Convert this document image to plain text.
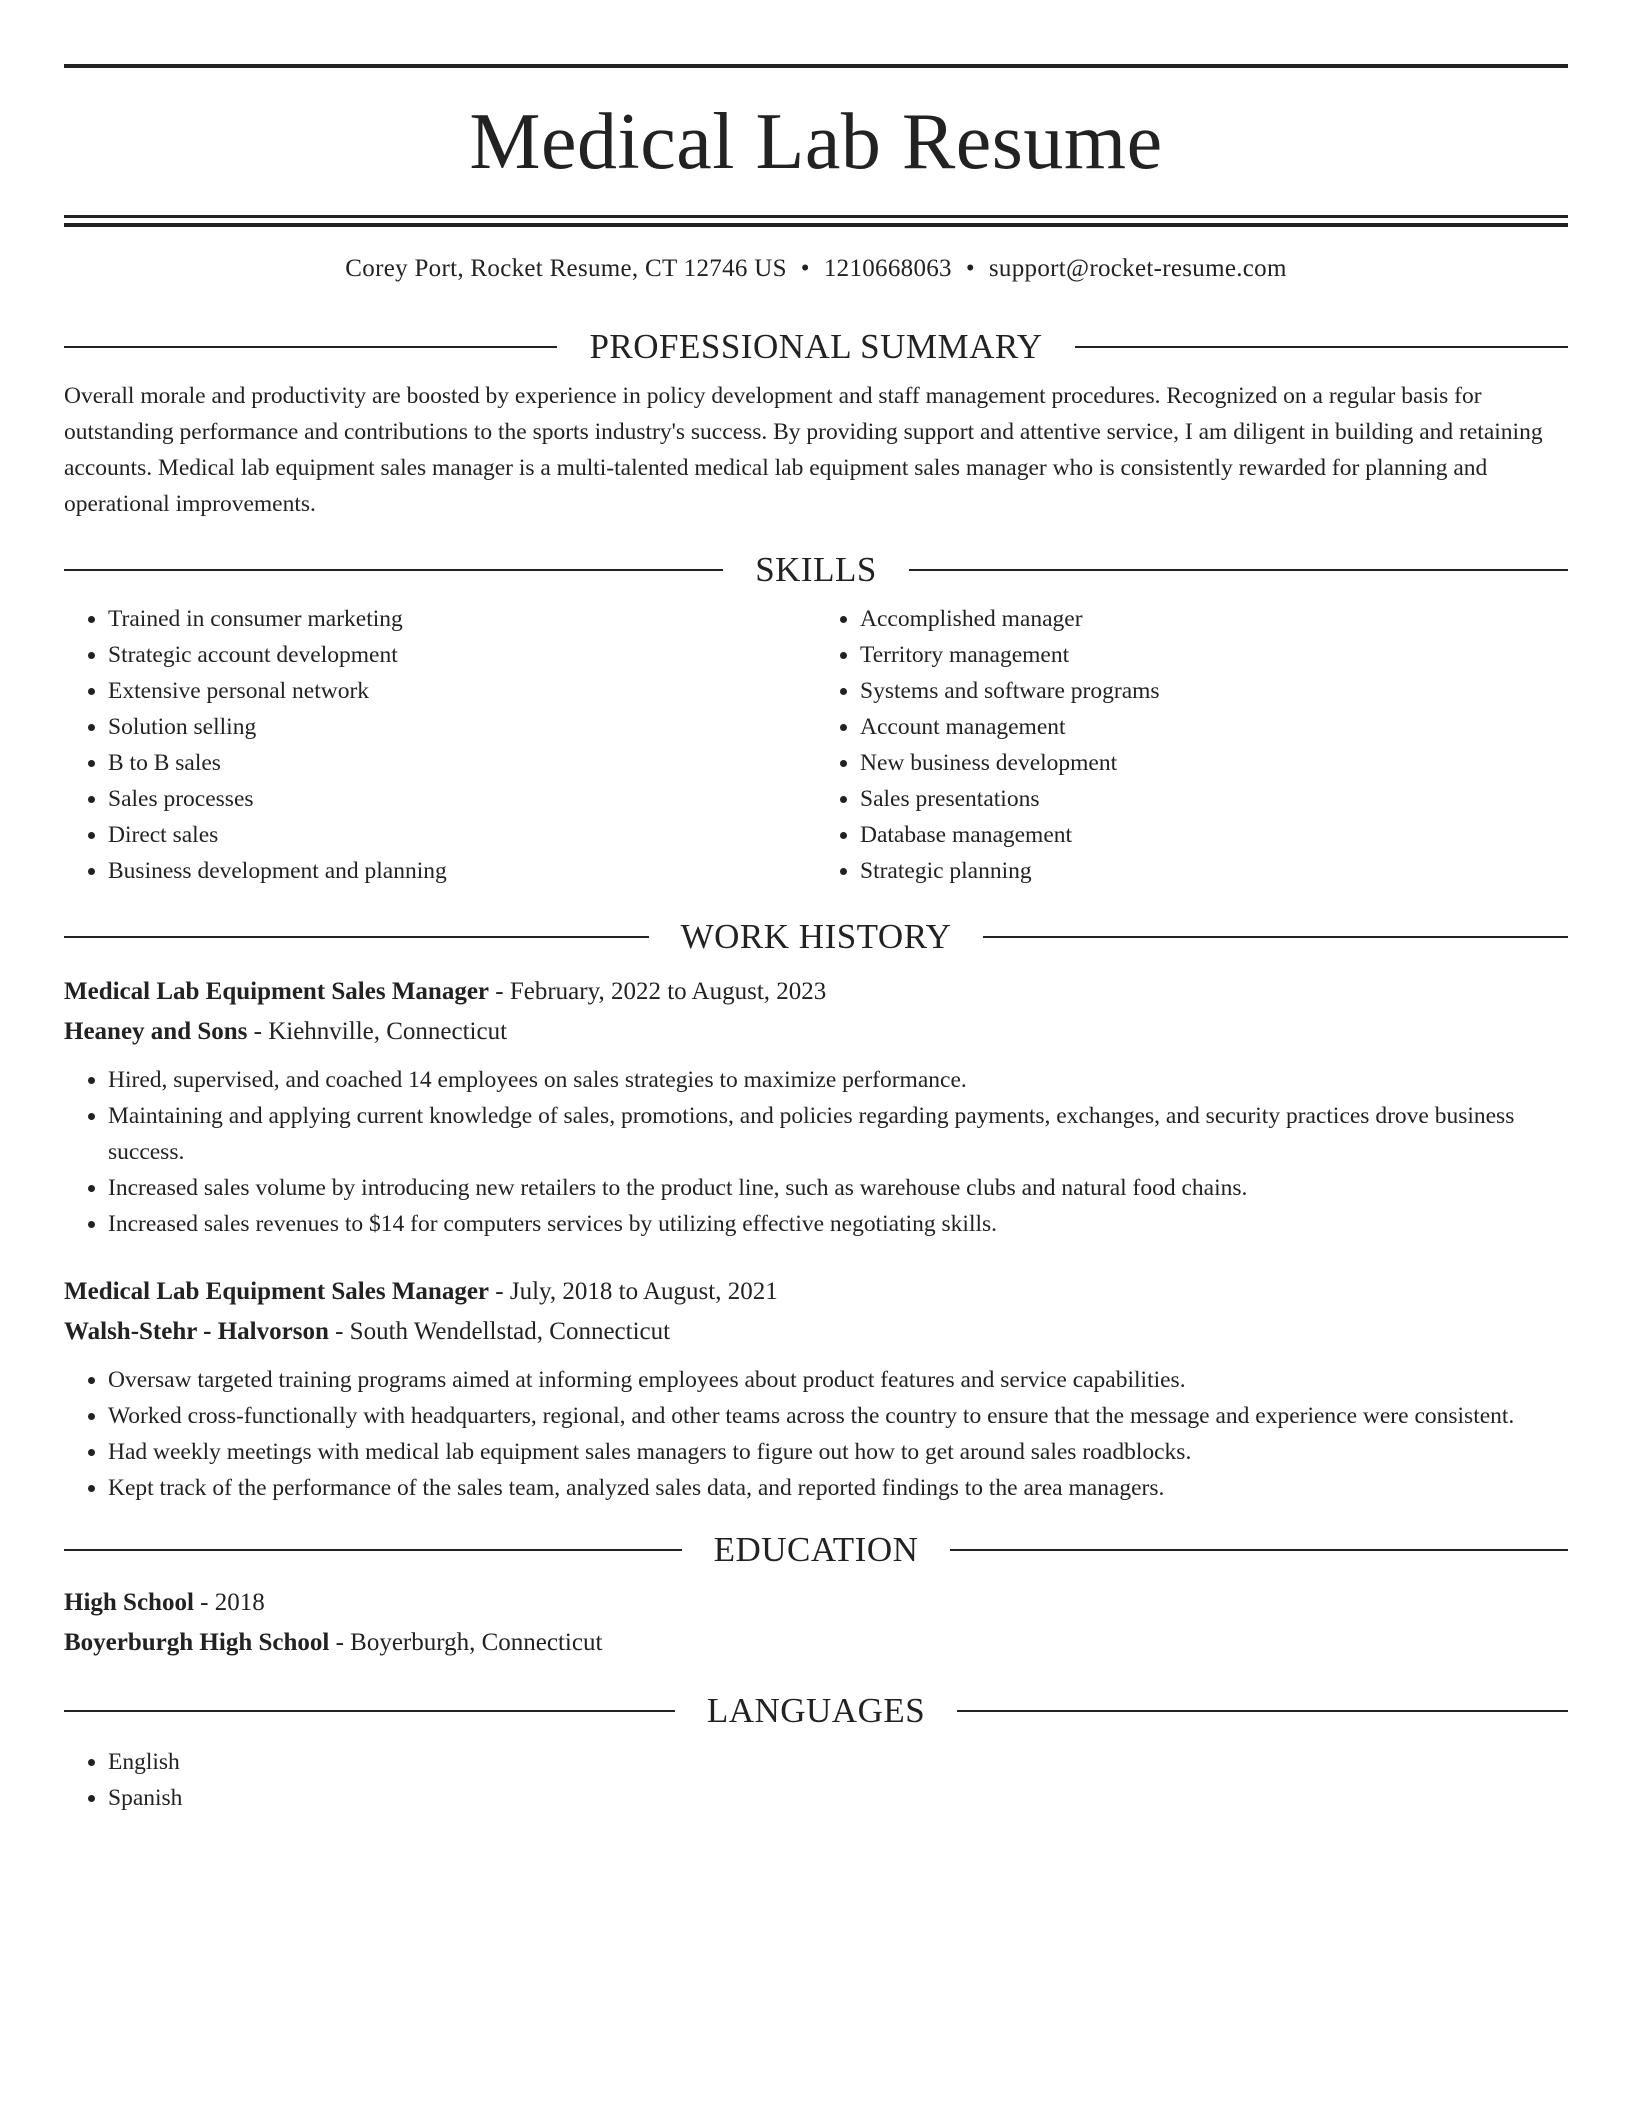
Medical Lab Resume
Corey Port, Rocket Resume, CT 12746 US • 1210668063 • support@rocket-resume.com
PROFESSIONAL SUMMARY

Overall morale and productivity are boosted by experience in policy development and staff management procedures. Recognized on a regular basis for outstanding performance and contributions to the sports industry's success. By providing support and attentive service, I am diligent in building and retaining accounts. Medical lab equipment sales manager is a multi-talented medical lab equipment sales manager who is consistently rewarded for planning and operational improvements.

SKILLS
• Trained in consumer marketing
• Strategic account development
• Extensive personal network
• Solution selling
• B to B sales
• Sales processes
• Direct sales
• Business development and planning
• Accomplished manager
• Territory management
• Systems and software programs
• Account management
• New business development
• Sales presentations
• Database management
• Strategic planning
WORK HISTORY
Medical Lab Equipment Sales Manager - February, 2022 to August, 2023
Heaney and Sons - Kiehnville, Connecticut
• Hired, supervised, and coached 14 employees on sales strategies to maximize performance.
• Maintaining and applying current knowledge of sales, promotions, and policies regarding payments, exchanges, and security practices drove business success.
• Increased sales volume by introducing new retailers to the product line, such as warehouse clubs and natural food chains.
• Increased sales revenues to $14 for computers services by utilizing effective negotiating skills.
Medical Lab Equipment Sales Manager - July, 2018 to August, 2021
Walsh-Stehr - Halvorson - South Wendellstad, Connecticut
• Oversaw targeted training programs aimed at informing employees about product features and service capabilities.
• Worked cross-functionally with headquarters, regional, and other teams across the country to ensure that the message and experience were consistent.
• Had weekly meetings with medical lab equipment sales managers to figure out how to get around sales roadblocks.
• Kept track of the performance of the sales team, analyzed sales data, and reported findings to the area managers.
EDUCATION
High School - 2018
Boyerburgh High School - Boyerburgh, Connecticut
LANGUAGES
• English
• Spanish
